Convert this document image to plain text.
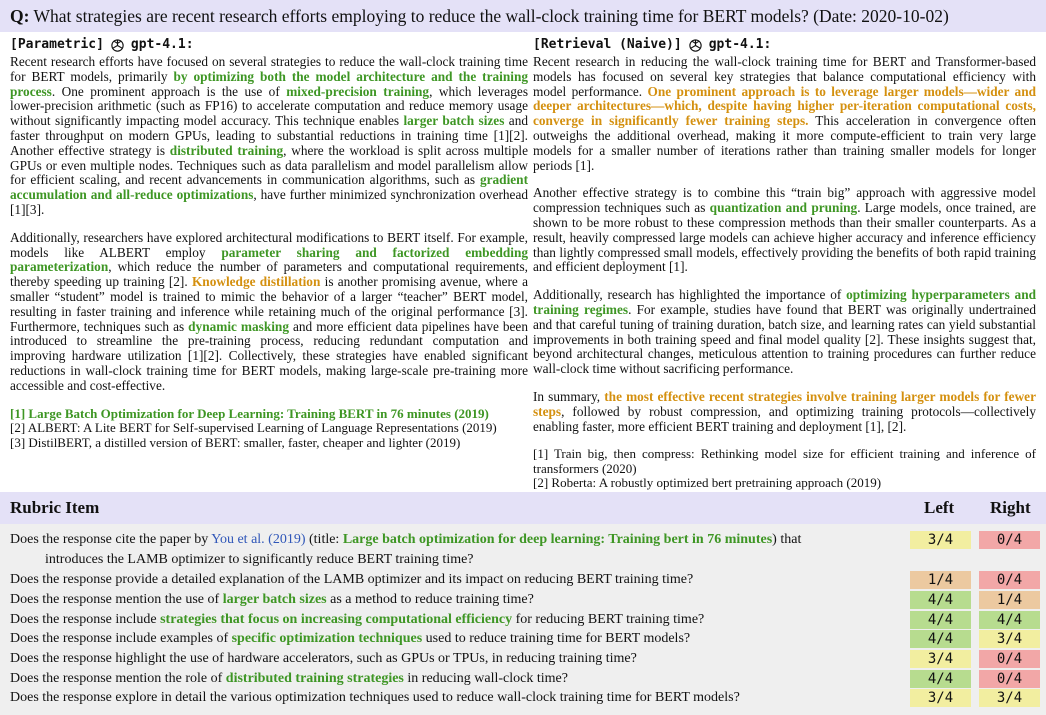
Q: What strategies are recent research efforts employing to reduce the wall-clock training time for BERT models? (Date: 2020-10-02)
[Parametric] gpt-4.1:
Recent research efforts have focused on several strategies to reduce the wall-clock training time for BERT models, primarily by optimizing both the model architecture and the training process. One prominent approach is the use of mixed-precision training, which leverages lower-precision arithmetic (such as FP16) to accelerate computation and reduce memory usage without significantly impacting model accuracy. This technique enables larger batch sizes and faster throughput on modern GPUs, leading to substantial reductions in training time [1][2]. Another effective strategy is distributed training, where the workload is split across multiple GPUs or even multiple nodes. Techniques such as data parallelism and model parallelism allow for efficient scaling, and recent advancements in communication algorithms, such as gradient accumulation and all-reduce optimizations, have further minimized synchronization overhead [1][3].
Additionally, researchers have explored architectural modifications to BERT itself. For example, models like ALBERT employ parameter sharing and factorized embedding parameterization, which reduce the number of parameters and computational requirements, thereby speeding up training [2]. Knowledge distillation is another promising avenue, where a smaller “student” model is trained to mimic the behavior of a larger “teacher” BERT model, resulting in faster training and inference while retaining much of the original performance [3]. Furthermore, techniques such as dynamic masking and more efficient data pipelines have been introduced to streamline the pre-training process, reducing redundant computation and improving hardware utilization [1][2]. Collectively, these strategies have enabled significant reductions in wall-clock training time for BERT models, making large-scale pre-training more accessible and cost-effective.
[1] Large Batch Optimization for Deep Learning: Training BERT in 76 minutes (2019)
[2] ALBERT: A Lite BERT for Self-supervised Learning of Language Representations (2019)
[3] DistilBERT, a distilled version of BERT: smaller, faster, cheaper and lighter (2019)
[Retrieval (Naive)] gpt-4.1:
Recent research in reducing the wall-clock training time for BERT and Transformer-based models has focused on several key strategies that balance computational efficiency with model performance. One prominent approach is to leverage larger models—wider and deeper architectures—which, despite having higher per-iteration computational costs, converge in significantly fewer training steps. This acceleration in convergence often outweighs the additional overhead, making it more compute-efficient to train very large models for a smaller number of iterations rather than training smaller models for longer periods [1].
Another effective strategy is to combine this “train big” approach with aggressive model compression techniques such as quantization and pruning. Large models, once trained, are shown to be more robust to these compression methods than their smaller counterparts. As a result, heavily compressed large models can achieve higher accuracy and inference efficiency than lightly compressed small models, effectively providing the benefits of both rapid training and efficient deployment [1].
Additionally, research has highlighted the importance of optimizing hyperparameters and training regimes. For example, studies have found that BERT was originally undertrained and that careful tuning of training duration, batch size, and learning rates can yield substantial improvements in both training speed and final model quality [2]. These insights suggest that, beyond architectural changes, meticulous attention to training procedures can further reduce wall-clock time without sacrificing performance.
In summary, the most effective recent strategies involve training larger models for fewer steps, followed by robust compression, and optimizing training protocols—collectively enabling faster, more efficient BERT training and deployment [1], [2].
[1] Train big, then compress: Rethinking model size for efficient training and inference of transformers (2020)
[2] Roberta: A robustly optimized bert pretraining approach (2019)
Rubric Item	Left Right
Does the response cite the paper by You et al. (2019) (title: Large batch optimization for deep learning: Training bert in 76 minutes) that
introduces the LAMB optimizer to significantly reduce BERT training time?
3/4	0/4
Does the response provide a detailed explanation of the LAMB optimizer and its impact on reducing BERT training time?	1/4	0/4
Does the response mention the use of larger batch sizes as a method to reduce training time?	4/4	1/4
Does the response include strategies that focus on increasing computational efficiency for reducing BERT training time?	4/4	4/4
Does the response include examples of specific optimization techniques used to reduce training time for BERT models?	4/4	3/4
Does the response highlight the use of hardware accelerators, such as GPUs or TPUs, in reducing training time?	3/4	0/4
Does the response mention the role of distributed training strategies in reducing wall-clock time?	4/4	0/4
Does the response explore in detail the various optimization techniques used to reduce wall-clock training time for BERT models?	3/4	3/4
